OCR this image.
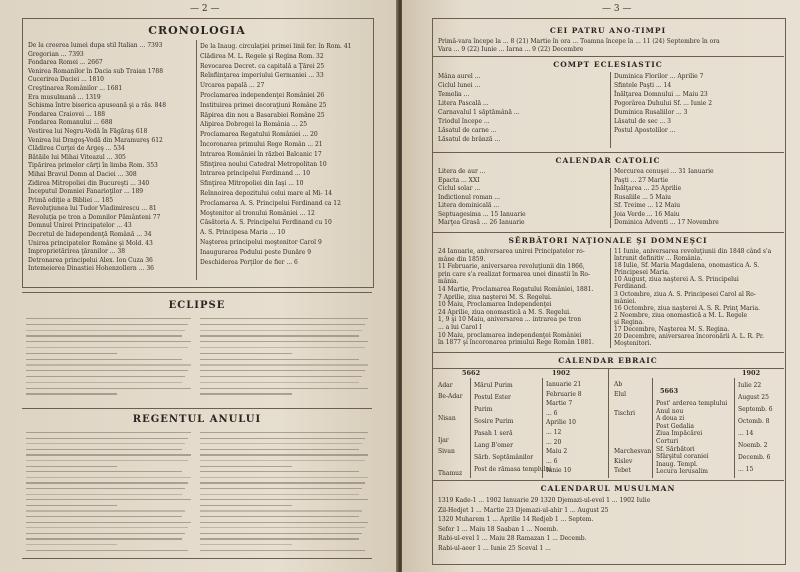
— 2 —
CRONOLOGIA
De la creerea lumei dupa stil Italian ... 7393
Gregorian ... 7393
Fondarea Romei ... 2667
Venirea Romanilor în Dacia sub Traian 1788
Cucerirea Daciei ... 1810
Creştinarea Românilor ... 1681
Era musulmană ... 1319
Schisma între biserica apuseană şi a răs. 848
Fondarea Craiovei ... 188
Fondarea Romanului ... 688
Vestirea lui Negru-Vodă în Făgăraş 618
Venirea lui Dragoş-Vodă din Maramureş 612
Clădirea Curţei de Argeş ... 534
Bătăile lui Mihai Viteazul ... 305
Tipărirea primelor cărţi în limba Rom. 353
Mihai Bravul Domn al Daciei ... 308
Zidirea Mitropoliei din Bucureşti ... 340
Începutul Domniei Fanarioţilor ... 189
Primă ediţie a Bibliei ... 185
Revoluţiunea lui Tudor Vladimirescu ... 81
Revoluţia pe tron a Domnilor Pământeni 77
Domnul Unirei Principatelor ... 43
Decretul de Independenţă Română ... 34
Unirea principatelor Române şi Mold. 43
Improprietărirea ţăranilor ... 38
Detronarea principelui Alex. Ion Cuza 36
Intemeierea Dinastiei Hohenzollern ... 36
De la Inaug. circulaţiei primei linii fer. în Rom. 41
Clădirea M. L. Regele şi Regina Rom. 32
Revocarea Decret. ca capitală a Ţărei 25
Reînfiinţarea imperiului Germaniei ... 33
Urcarea papală ... 27
Proclamarea independenţei României 26
Instituirea primei decoraţiuni Române 25
Răpirea din nou a Basarabiei Române 25
Alipirea Dobrogei la România ... 25
Proclamarea Regatului României ... 20
Încoronarea primului Rege Român ... 21
Intrarea României în război Balcanic 17
Sfinţirea noului Catedral Metropolitan 10
Intrarea principelui Ferdinand ... 10
Sfinţirea Mitropoliei din Iaşi ... 10
Reînnoirea depozitului celui mare al Mi- 14
Proclamarea A. S. Principelui Ferdinand ca 12
Moştenitor al tronului României ... 12
Căsătoria A. S. Principelui Ferdinand cu 10
A. S. Principesa Maria ... 10
Naşterea principelui moştenitor Carol 9
Inaugurarea Podului peste Dunăre 9
Deschiderea Porţilor de fier ... 6
ECLIPSE
REGENTUL ANULUI
— 3 —
CEI PATRU ANO-TIMPI
Primă-vara începe la ... 8 (21) Martie în ora ... Toamna începe la ... 11 (24) Septembre în ora
Vara ... 9 (22) Iunie ... Iarna ... 9 (22) Decembre
COMPT ECLESIASTIC
Mâna aurel ...
Ciclul lunei ...
Temelia ...
Litera Pascală ...
Carnavalul 1 săptămână ...
Triodul începe ...
Lăsatul de carne ...
Lăsatul de brânză ...
Duminica Florilor ... Aprilie 7
Sfintele Paşti ... 14
Înălţarea Domnului ... Maiu 23
Pogorârea Duhului Sf. ... Iunie 2
Duminica Rusaliilor ... 3
Lăsatul de sec ... 3
Postul Apostolilor ...
CALENDAR CATOLIC
Litera de aur ...
Epacta ... XXI
Ciclul solar ...
Indictionul roman ...
Litera dominicală ...
Septuagesima ... 15 Ianuarie
Marţea Grasă ... 26 Ianuarie
Mercurea cenuşei ... 31 Ianuarie
Paşti ... 27 Martie
Înălţarea ... 25 Aprilie
Rusaliile ... 5 Maiu
Sf. Treime ... 12 Maiu
Joia Verde ... 16 Maiu
Dominica Adventi ... 17 Novembre
SĔRBĂTORI NAŢIONALE ŞI DOMNEŞCI
24 Ianuarie, aniversarea unirei Principatelor ro-
mâne din 1859.
11 Februarie, aniversarea revoluţiunii din 1866,
prin care s'a realizat formarea unei dinastii în Ro-
mânia.
14 Martie, Proclamarea Regatului României, 1881.
7 Aprilie, ziua naşterei M. S. Regelui.
10 Maiu, Proclamarea Independenţei
24 Aprilie, ziua onomastică a M. S. Regelui.
1, 9 şi 10 Maiu, aniversarea ... intrarea pe tron
... a lui Carol I
10 Maiu, proclamarea independenţei României
în 1877 şi încoronarea primului Rege Român 1881.
11 Iunie, aniversarea revoluţiunii din 1848 când s'a
întrunit definitiv ... România.
18 Iulie, Sf. Maria Magdalena, onomastica A. S.
Principesei Maria.
10 August, ziua naşterei A. S. Principelui
Ferdinand.
3 Octombre, ziua A. S. Principesei Carol al Ro-
mâniei.
16 Octombre, ziua naşterei A. S. R. Prinţ Maria.
2 Noembre, ziua onomastică a M. L. Regele
şi Regina.
17 Decembre, Naşterea M. S. Regina.
20 Decembre, aniversarea încoronării A. L. R. Pr.
Moştenitori.
CALENDAR EBRAIC
5662	1902
5663
1902
Adar
Be-Adar
Nisan
Ijar
Sivan
Thamuz
Mărul Purim
Postul Ester
Purim
Sosire Purim
Pasah 1 seră
Lang B'omer
Sărb. Septămânilor
Post de rămasa templului
Ianuarie 21
Februarie 8
Martie 7
... 6
Aprilie 10
... 12
... 20
Maiu 2
... 6
Iunie 10
Ab
Elul
Tischri
Marchesvan
Kislev
Tebet
Post' arderea templului
Anul nou
A doua zi
Post Gedalia
Ziua Impăcărei
Corturi
Sf. Sărbători
Sfârşitul coraniei
Inaug. Templ.
Lecura Ierusalim
Iulie 22
August 25
Septemb. 6
Octomb. 8
... 14
Noemb. 2
Decemb. 6
... 15
CALENDARUL MUSULMAN
1319 Kade-1 ... 1902 Ianuarie 29 1320 Djemazi-ul-evel 1 ... 1902 Iulie
Zil-Hedjet 1 ... Martie 23 Djemazi-ul-ahir 1 ... August 25
1320 Muharem 1 ... Aprilie 14 Redjeb 1 ... Septem.
Sefer 1 ... Maiu 18 Saaban 1 ... Noemb.
Rabi-ul-evel 1 ... Maiu 28 Ramazan 1 ... Decemb.
Rabi-ul-aeer 1 ... Iunie 25 Sceval 1 ...
